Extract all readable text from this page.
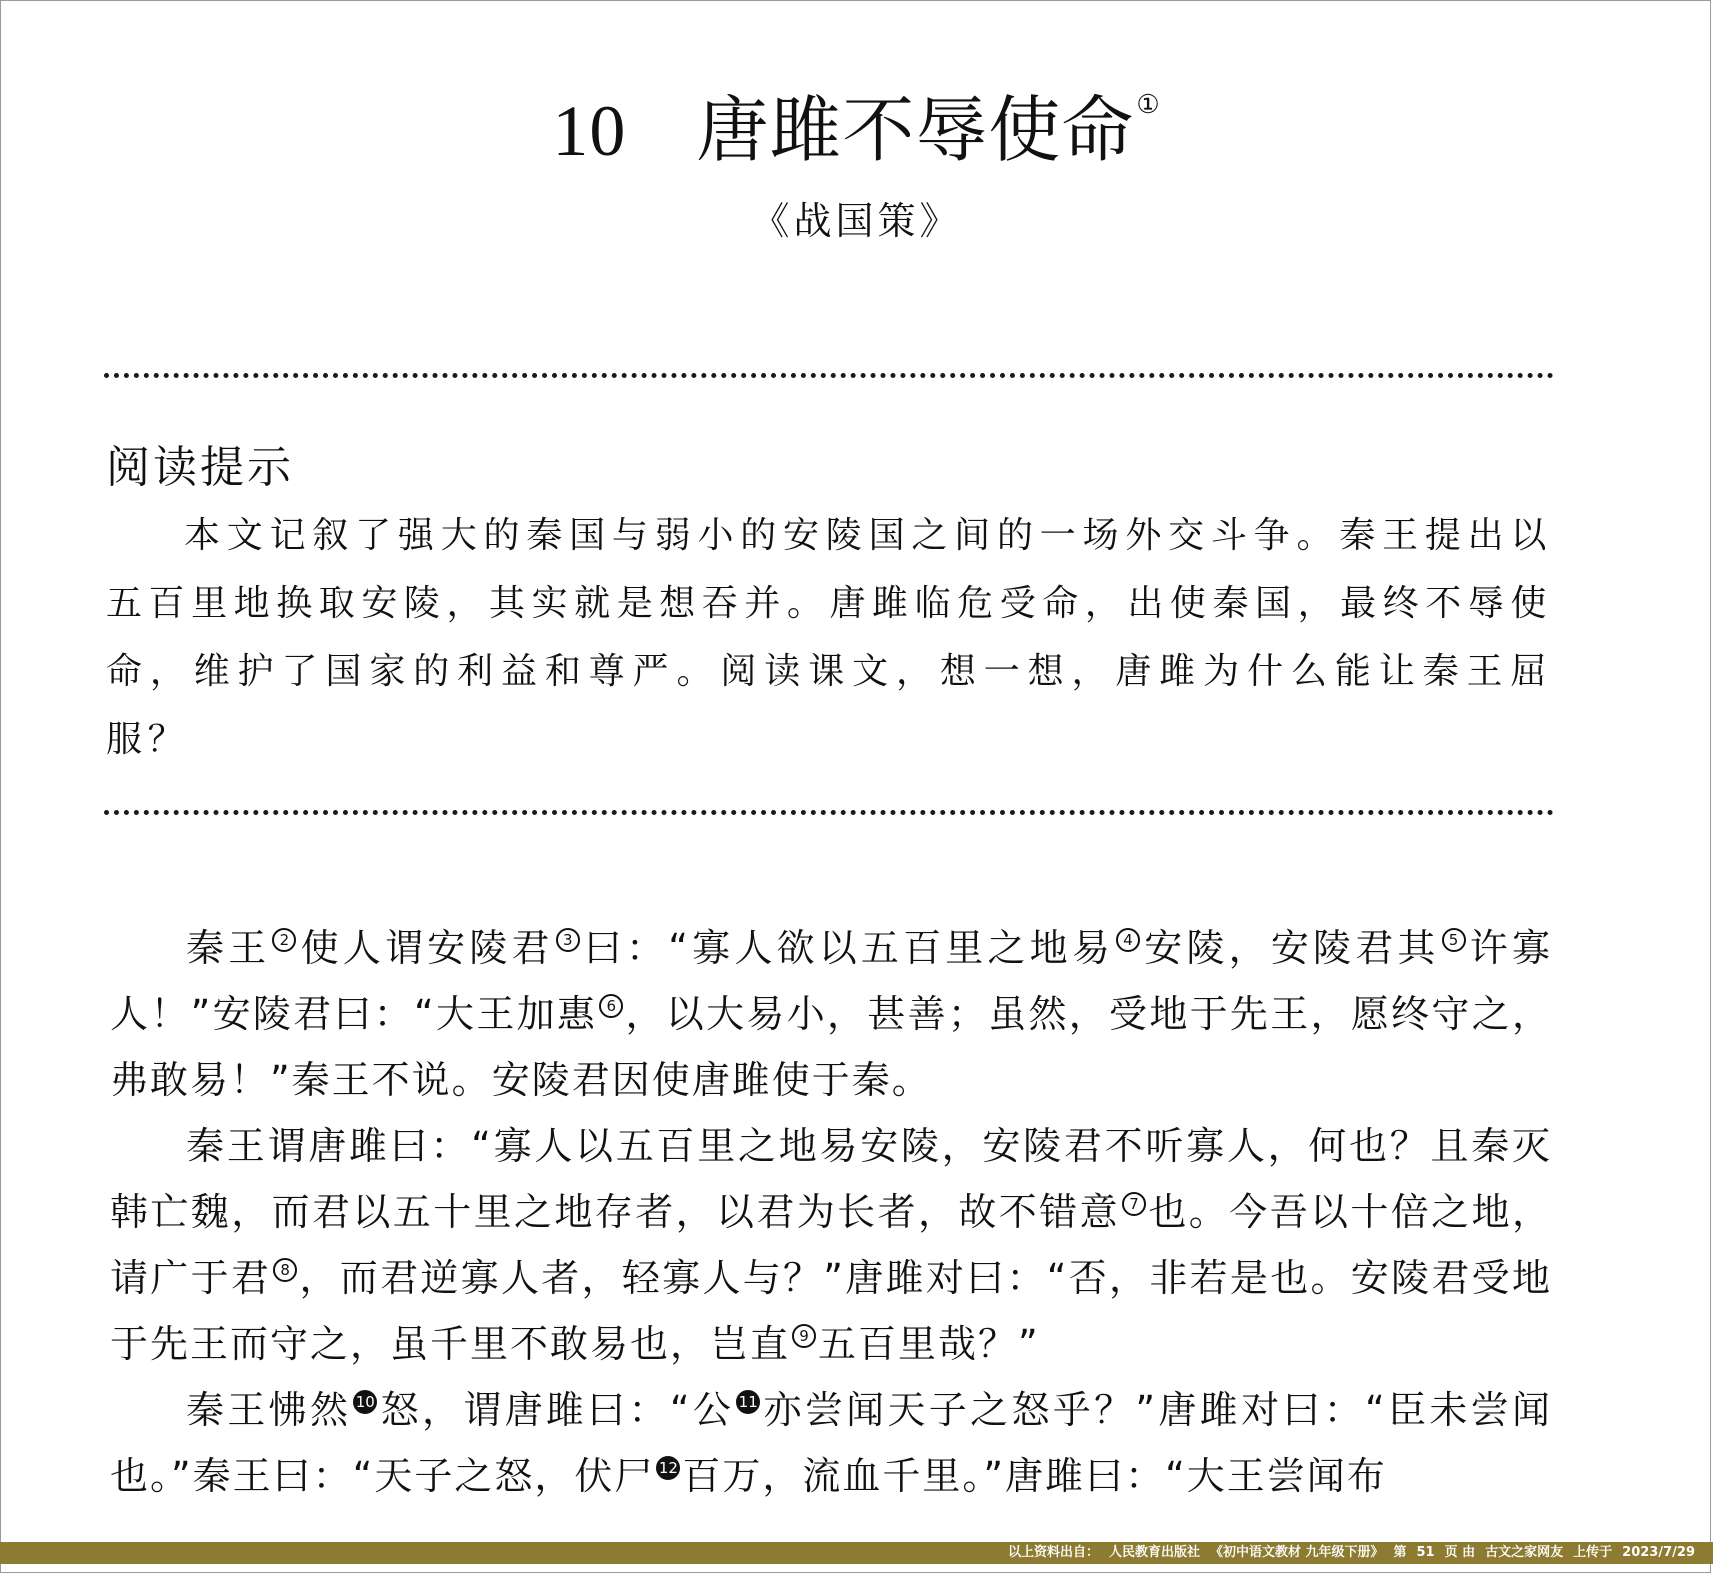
10 唐雎不辱使命①
《战国策》
阅读提示

本文记叙了强大的秦国与弱小的安陵国之间的一场外交斗争。秦王提出以五百里地换取安陵，其实就是想吞并。唐雎临危受命，出使秦国，最终不辱使命，维护了国家的利益和尊严。阅读课文，想一想，唐雎为什么能让秦王屈服？

秦王 2 使人谓安陵君 3 曰：“寡人欲以五百里之地易 4 安陵，安陵君其 5 许寡人！”安陵君曰：“大王加惠 6 ，以大易小，甚善；虽然，受地于先王，愿终守之，弗敢易！”秦王不说。安陵君因使唐雎使于秦。

秦王谓唐雎曰：“寡人以五百里之地易安陵，安陵君不听寡人，何也？且秦灭韩亡魏，而君以五十里之地存者，以君为长者，故不错意 7 也。今吾以十倍之地，请广于君 8 ，而君逆寡人者，轻寡人与？”唐雎对曰：“否，非若是也。安陵君受地于先王而守之，虽千里不敢易也，岂直 9 五百里哉？”

秦王怫然 10 怒，谓唐雎曰：“公 11 亦尝闻天子之怒乎？”唐雎对曰：“臣未尝闻也。”秦王曰：“天子之怒，伏尸 12 百万，流血千里。”唐雎曰：“大王尝闻布

以上资料出自： 人民教育出版社 《初中语文教材 九年级下册》 第 51 页 由 古文之家网友 上传于 2023/7/29
